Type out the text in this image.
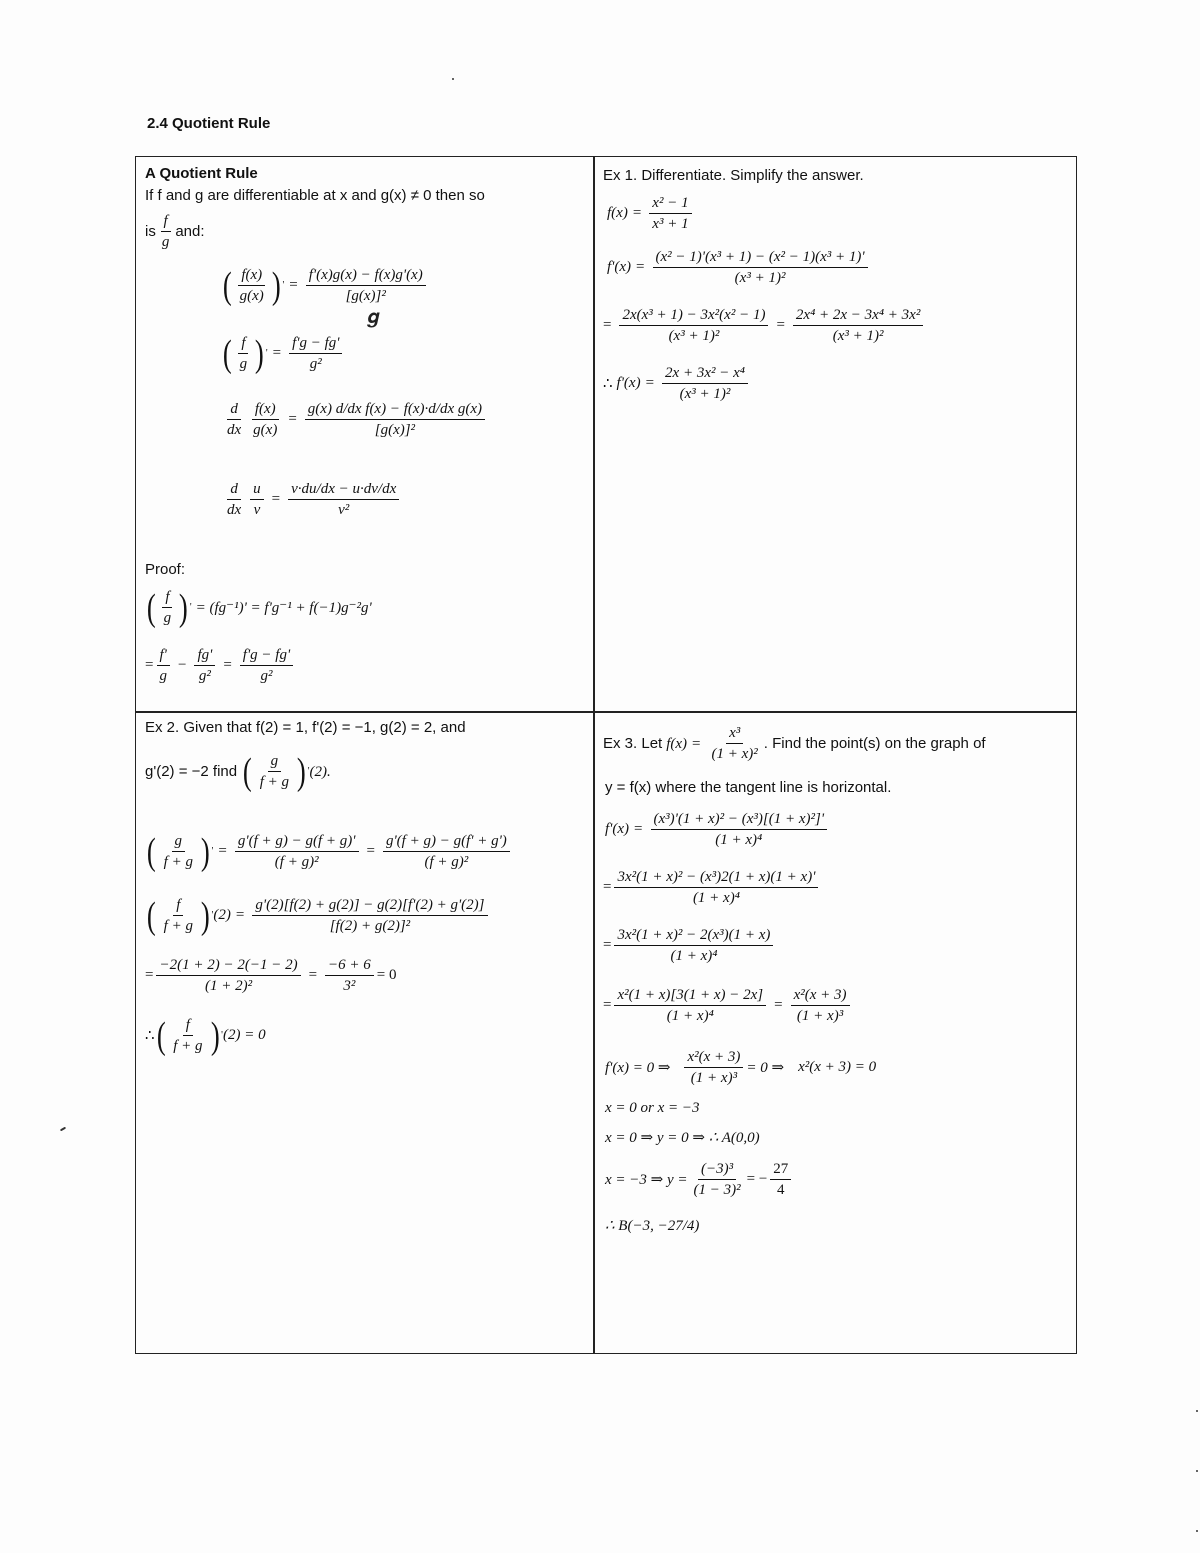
2.4 Quotient Rule
A Quotient Rule
If f and g are differentiable at x and g(x) ≠ 0 then so
is $\frac{f}{g}$ and:
( $\frac{f(x)}{g(x)}$ ) ' = $\frac{f'(x)g(x) - f(x)g'(x)}{\text{[g(x)]²}}$
𝒈
( $\frac{f}{g}$ ) ' = $\frac{f'g - fg'}{\text{g²}}$
$\frac{d}{dx} \frac{f(x)}{g(x)} = \frac{\text{g(x) d/dx f(x) − f(x)·d/dx g(x)}}{\text{[g(x)]²}}$
$\frac{d}{dx} \frac{u}{v} = \frac{v\cdot du/dx - u\cdot dv/dx}{\text{v²}}$
Proof:
( $\frac{f}{g}$ ) ' = (fg⁻¹)' = f'g⁻¹ + f(−1)g⁻²g'
= $\frac{f'}{g} - \frac{fg'}{\text{g²}} = \frac{f'g - fg'}{\text{g²}}$
Ex 1. Differentiate. Simplify the answer.
$f(x) = \frac{\text{x² − 1}}{\text{x³ + 1}}$
$f'(x) = \frac{\text{(x² − 1)'(x³ + 1) − (x² − 1)(x³ + 1)'}}{\text{(x³ + 1)²}}$
= $\frac{\text{2x(x³ + 1) − 3x²(x² − 1)}}{\text{(x³ + 1)²}} = \frac{\text{2x⁴ + 2x − 3x⁴ + 3x²}}{\text{(x³ + 1)²}}$
∴ $f'(x) = \frac{\text{2x + 3x² − x⁴}}{\text{(x³ + 1)²}}$
Ex 2. Given that f(2) = 1, f'(2) = −1, g(2) = 2, and
g'(2) = −2 find ( $\frac{g}{f + g}$ ) ' (2).
( $\frac{g}{f + g}$ ) ' = $\frac{g'(f + g) - g(f + g)'}{\text{(f + g)²}} = \frac{g'(f + g) - g(f' + g')}{\text{(f + g)²}}$
( $\frac{f}{f + g}$ ) ' $(2) = \frac{g'(2)[f(2) + g(2)] - g(2)[f'(2) + g'(2)]}{\text{[f(2) + g(2)]²}}$
= $\frac{-2(1 + 2) - 2(-1 - 2)}{\text{(1 + 2)²}} = \frac{-6 + 6}{\text{3²}} = 0$
∴ ( $\frac{f}{f + g}$ ) ' (2) = 0
Ex 3. Let $f(x) = \frac{\text{x³}}{\text{(1 + x)²}}$ . Find the point(s) on the graph of
y = f(x) where the tangent line is horizontal.
$f'(x) = \frac{\text{(x³)'(1 + x)² − (x³)[(1 + x)²]'}}{\text{(1 + x)⁴}}$
= $\frac{\text{3x²(1 + x)² − (x³)2(1 + x)(1 + x)'}}{\text{(1 + x)⁴}}$
= $\frac{\text{3x²(1 + x)² − 2(x³)(1 + x)}}{\text{(1 + x)⁴}}$
= $\frac{\text{x²(1 + x)[3(1 + x) − 2x]}}{\text{(1 + x)⁴}} = \frac{\text{x²(x + 3)}}{\text{(1 + x)³}}$
f'(x) = 0 ⇒ $\frac{\text{x²(x + 3)}}{\text{(1 + x)³}} = 0$ ⇒ x²(x + 3) = 0
x = 0 or x = −3
x = 0 ⇒ y = 0 ⇒ ∴ A(0,0)
x = −3 ⇒ $y = \frac{\text{(−3)³}}{\text{(1 − 3)²}}$ = − $\frac{27}{4}$
∴ B(−3, −27/4)
